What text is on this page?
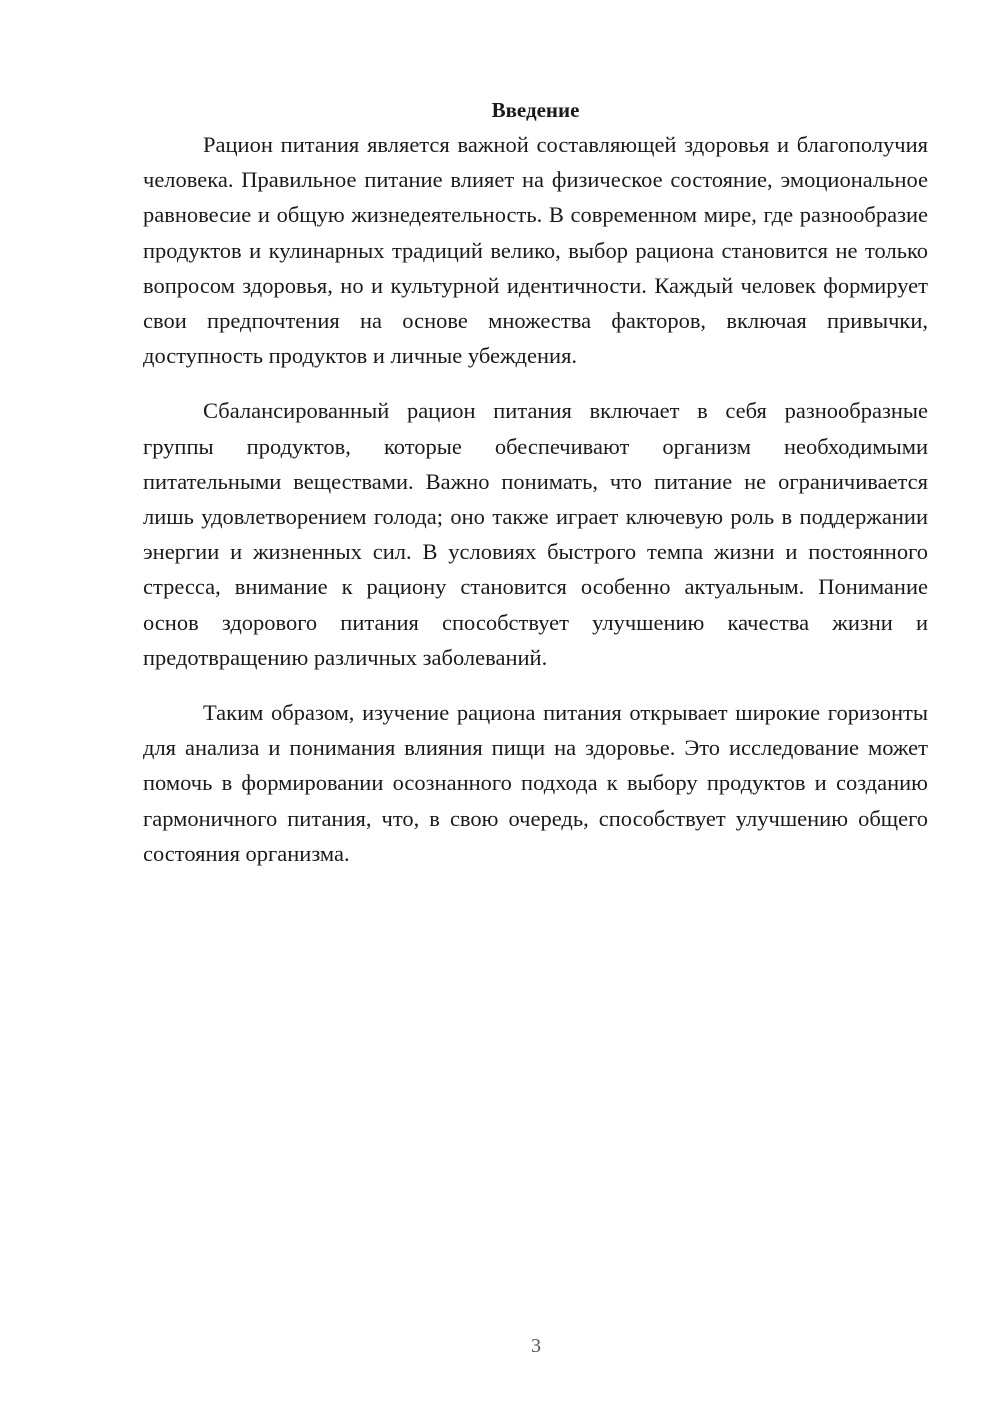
Введение

Рацион питания является важной составляющей здоровья и благополучия человека. Правильное питание влияет на физическое состояние, эмоциональное равновесие и общую жизнедеятельность. В современном мире, где разнообразие продуктов и кулинарных традиций велико, выбор рациона становится не только вопросом здоровья, но и культурной идентичности. Каждый человек формирует свои предпочтения на основе множества факторов, включая привычки, доступность продуктов и личные убеждения.

Сбалансированный рацион питания включает в себя разнообразные группы продуктов, которые обеспечивают организм необходимыми питательными веществами. Важно понимать, что питание не ограничивается лишь удовлетворением голода; оно также играет ключевую роль в поддержании энергии и жизненных сил. В условиях быстрого темпа жизни и постоянного стресса, внимание к рациону становится особенно актуальным. Понимание основ здорового питания способствует улучшению качества жизни и предотвращению различных заболеваний.

Таким образом, изучение рациона питания открывает широкие горизонты для анализа и понимания влияния пищи на здоровье. Это исследование может помочь в формировании осознанного подхода к выбору продуктов и созданию гармоничного питания, что, в свою очередь, способствует улучшению общего состояния организма.

3
